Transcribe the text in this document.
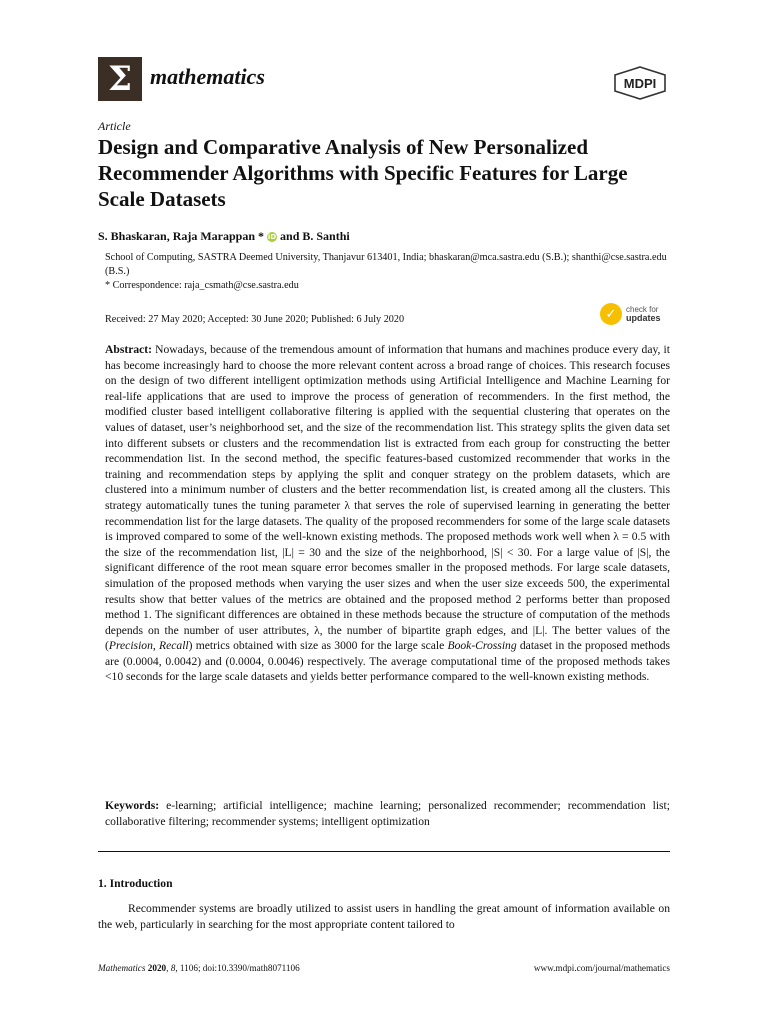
Σ mathematics	MDPI
Article
Design and Comparative Analysis of New Personalized Recommender Algorithms with Specific Features for Large Scale Datasets
S. Bhaskaran, Raja Marappan * iD and B. Santhi

School of Computing, SASTRA Deemed University, Thanjavur 613401, India; bhaskaran@mca.sastra.edu (S.B.); shanthi@cse.sastra.edu (B.S.)

* Correspondence: raja_csmath@cse.sastra.edu

Received: 27 May 2020; Accepted: 30 June 2020; Published: 6 July 2020	✓	check for
updates

Abstract: Nowadays, because of the tremendous amount of information that humans and machines produce every day, it has become increasingly hard to choose the more relevant content across a broad range of choices. This research focuses on the design of two different intelligent optimization methods using Artificial Intelligence and Machine Learning for real-life applications that are used to improve the process of generation of recommenders. In the first method, the modified cluster based intelligent collaborative filtering is applied with the sequential clustering that operates on the values of dataset, user’s neighborhood set, and the size of the recommendation list. This strategy splits the given data set into different subsets or clusters and the recommendation list is extracted from each group for constructing the better recommendation list. In the second method, the specific features-based customized recommender that works in the training and recommendation steps by applying the split and conquer strategy on the problem datasets, which are clustered into a minimum number of clusters and the better recommendation list, is created among all the clusters. This strategy automatically tunes the tuning parameter λ that serves the role of supervised learning in generating the better recommendation list for the large datasets. The quality of the proposed recommenders for some of the large scale datasets is improved compared to some of the well-known existing methods. The proposed methods work well when λ = 0.5 with the size of the recommendation list, |L| = 30 and the size of the neighborhood, |S| < 30. For a large value of |S|, the significant difference of the root mean square error becomes smaller in the proposed methods. For large scale datasets, simulation of the proposed methods when varying the user sizes and when the user size exceeds 500, the experimental results show that better values of the metrics are obtained and the proposed method 2 performs better than proposed method 1. The significant differences are obtained in these methods because the structure of computation of the methods depends on the number of user attributes, λ, the number of bipartite graph edges, and |L|. The better values of the (Precision, Recall) metrics obtained with size as 3000 for the large scale Book-Crossing dataset in the proposed methods are (0.0004, 0.0042) and (0.0004, 0.0046) respectively. The average computational time of the proposed methods takes <10 seconds for the large scale datasets and yields better performance compared to the well-known existing methods.

Keywords: e-learning; artificial intelligence; machine learning; personalized recommender; recommendation list; collaborative filtering; recommender systems; intelligent optimization

1. Introduction

Recommender systems are broadly utilized to assist users in handling the great amount of information available on the web, particularly in searching for the most appropriate content tailored to

Mathematics 2020, 8, 1106; doi:10.3390/math8071106	www.mdpi.com/journal/mathematics
